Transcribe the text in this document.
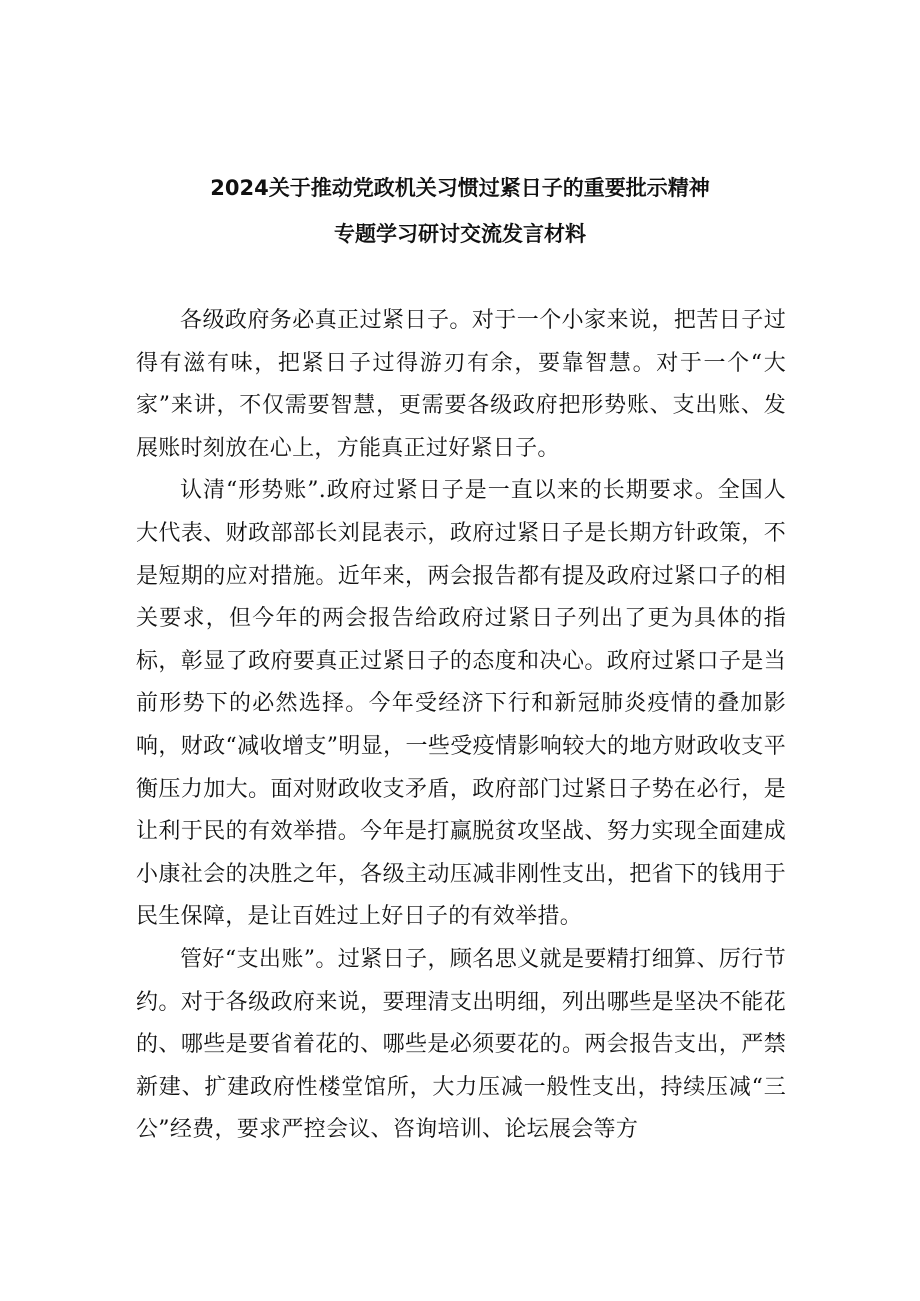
2024关于推动党政机关习惯过紧日子的重要批示精神
专题学习研讨交流发言材料

各级政府务必真正过紧日子。对于一个小家来说，把苦日子过得有滋有味，把紧日子过得游刃有余，要靠智慧。对于一个“大家”来讲，不仅需要智慧，更需要各级政府把形势账、支出账、发展账时刻放在心上，方能真正过好紧日子。

认清“形势账”.政府过紧日子是一直以来的长期要求。全国人大代表、财政部部长刘昆表示，政府过紧日子是长期方针政策，不是短期的应对措施。近年来，两会报告都有提及政府过紧口子的相关要求，但今年的两会报告给政府过紧日子列出了更为具体的指标，彰显了政府要真正过紧日子的态度和决心。政府过紧口子是当前形势下的必然选择。今年受经济下行和新冠肺炎疫情的叠加影响，财政“减收增支”明显，一些受疫情影响较大的地方财政收支平衡压力加大。面对财政收支矛盾，政府部门过紧日子势在必行，是让利于民的有效举措。今年是打赢脱贫攻坚战、努力实现全面建成小康社会的决胜之年，各级主动压减非刚性支出，把省下的钱用于民生保障，是让百姓过上好日子的有效举措。

管好“支出账”。过紧日子，顾名思义就是要精打细算、厉行节约。对于各级政府来说，要理清支出明细，列出哪些是坚决不能花的、哪些是要省着花的、哪些是必须要花的。两会报告支出，严禁新建、扩建政府性楼堂馆所，大力压减一般性支出，持续压减“三公”经费，要求严控会议、咨询培训、论坛展会等方
